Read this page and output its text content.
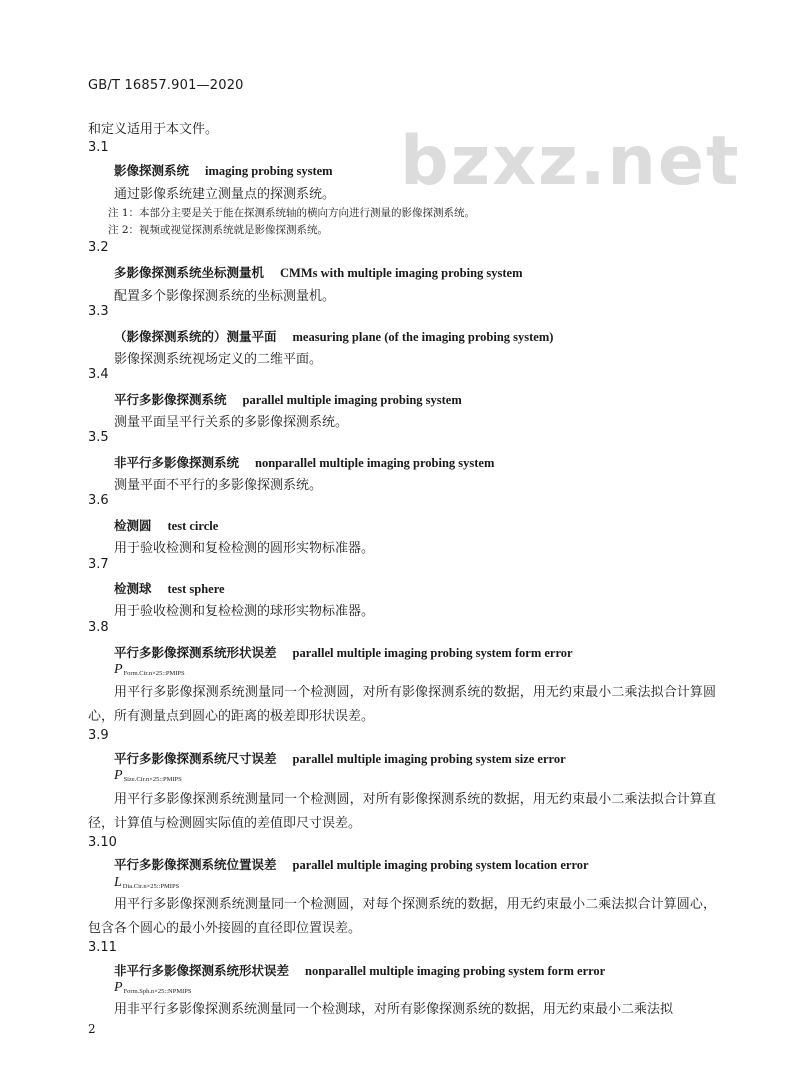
bzxz.net
GB/T 16857.901—2020
和定义适用于本文件。
3.1
影像探测系统 imaging probing system
通过影像系统建立测量点的探测系统。
注 1：本部分主要是关于能在探测系统轴的横向方向进行测量的影像探测系统。
注 2：视频或视觉探测系统就是影像探测系统。
3.2
多影像探测系统坐标测量机 CMMs with multiple imaging probing system
配置多个影像探测系统的坐标测量机。
3.3
（影像探测系统的）测量平面 measuring plane (of the imaging probing system)
影像探测系统视场定义的二维平面。
3.4
平行多影像探测系统 parallel multiple imaging probing system
测量平面呈平行关系的多影像探测系统。
3.5
非平行多影像探测系统 nonparallel multiple imaging probing system
测量平面不平行的多影像探测系统。
3.6
检测圆 test circle
用于验收检测和复检检测的圆形实物标准器。
3.7
检测球 test sphere
用于验收检测和复检检测的球形实物标准器。
3.8
平行多影像探测系统形状误差 parallel multiple imaging probing system form error
$P_{Form.Cir.n\times 25::PMIPS}$
用平行多影像探测系统测量同一个检测圆，对所有影像探测系统的数据，用无约束最小二乘法拟合计算圆心，所有测量点到圆心的距离的极差即形状误差。
3.9
平行多影像探测系统尺寸误差 parallel multiple imaging probing system size error
$P_{Size.Cir.n\times 25::PMIPS}$
用平行多影像探测系统测量同一个检测圆，对所有影像探测系统的数据，用无约束最小二乘法拟合计算直径，计算值与检测圆实际值的差值即尺寸误差。
3.10
平行多影像探测系统位置误差 parallel multiple imaging probing system location error
$L_{Dia.Cir.n\times 25::PMIPS}$
用平行多影像探测系统测量同一个检测圆，对每个探测系统的数据，用无约束最小二乘法拟合计算圆心，包含各个圆心的最小外接圆的直径即位置误差。
3.11
非平行多影像探测系统形状误差 nonparallel multiple imaging probing system form error
$P_{Form.Sph.n\times 25::NPMIPS}$
用非平行多影像探测系统测量同一个检测球，对所有影像探测系统的数据，用无约束最小二乘法拟
2
